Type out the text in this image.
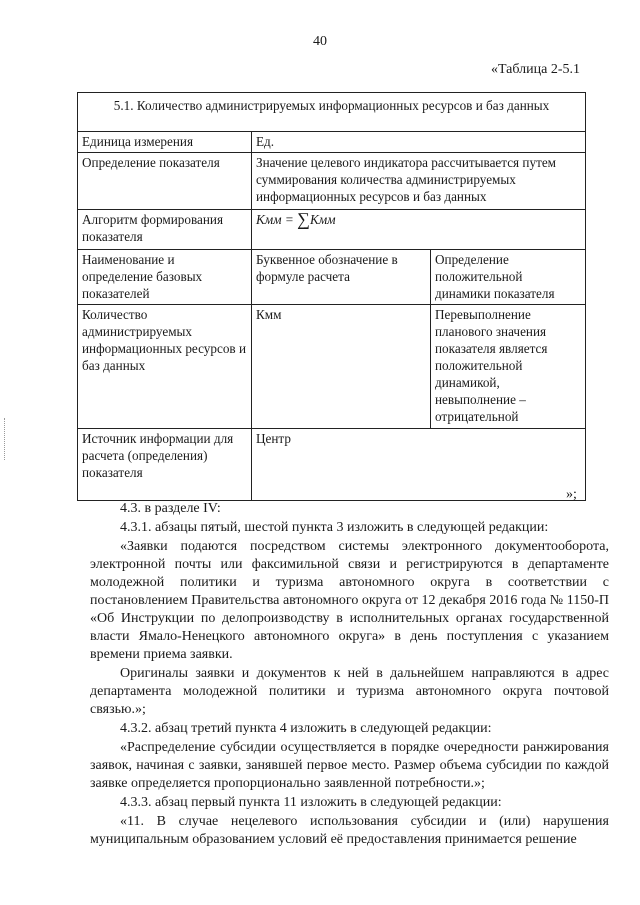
40
«Таблица 2-5.1
5.1. Количество администрируемых информационных ресурсов и баз данных		
Единица измерения	Ед.	
Определение показателя	Значение целевого индикатора рассчитывается путем суммирования количества администрируемых информационных ресурсов и баз данных	
Алгоритм формирования показателя	Кмм = ∑Кмм	
Наименование и определение базовых показателей	Буквенное обозначение в формуле расчета	Определение положительной динамики показателя
Количество администрируемых информационных ресурсов и баз данных	Кмм	Перевыполнение планового значения показателя является положительной динамикой, невыполнение – отрицательной
Источник информации для расчета (определения) показателя	Центр	
»;

4.3. в разделе IV:

4.3.1. абзацы пятый, шестой пункта 3 изложить в следующей редакции:

«Заявки подаются посредством системы электронного документооборота, электронной почты или факсимильной связи и регистрируются в департаменте молодежной политики и туризма автономного округа в соответствии с постановлением Правительства автономного округа от 12 декабря 2016 года № 1150-П «Об Инструкции по делопроизводству в исполнительных органах государственной власти Ямало-Ненецкого автономного округа» в день поступления с указанием времени приема заявки.

Оригиналы заявки и документов к ней в дальнейшем направляются в адрес департамента молодежной политики и туризма автономного округа почтовой связью.»;

4.3.2. абзац третий пункта 4 изложить в следующей редакции:

«Распределение субсидии осуществляется в порядке очередности ранжирования заявок, начиная с заявки, занявшей первое место. Размер объема субсидии по каждой заявке определяется пропорционально заявленной потребности.»;

4.3.3. абзац первый пункта 11 изложить в следующей редакции:

«11. В случае нецелевого использования субсидии и (или) нарушения муниципальным образованием условий её предоставления принимается решение
